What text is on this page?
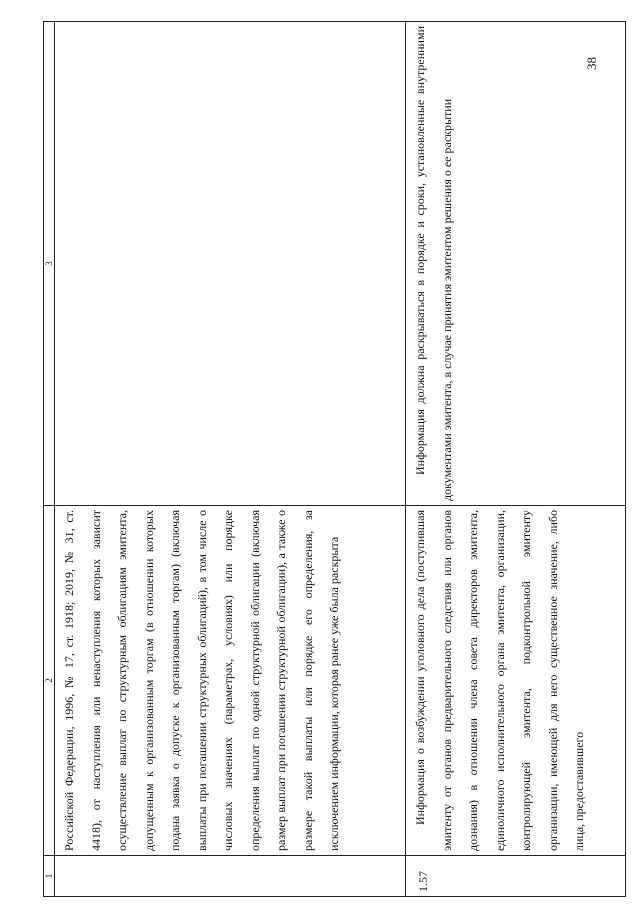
38
1	2	3
	Российской Федерации, 1996, № 17, ст. 1918; 2019, № 31, ст. 4418), от наступления или ненаступления которых зависит осуществление выплат по структурным облигациям эмитента, допущенным к организованным торгам (в отношении которых подана заявка о допуске к организованным торгам) (включая выплаты при погашении структурных облигаций), в том числе о числовых значениях (параметрах, условиях) или порядке определения выплат по одной структурной облигации (включая размер выплат при погашении структурной облигации), а также о размере такой выплаты или порядке его определения, за исключением информации, которая ранее уже была раскрыта	
1.57	Информация о возбуждении уголовного дела (поступившая эмитенту от органов предварительного следствия или органов дознания) в отношении члена совета директоров эмитента, единоличного исполнительного органа эмитента, организации, контролирующей эмитента, подконтрольной эмитенту организации, имеющей для него существенное значение, либо лица, предоставившего	Информация должна раскрываться в порядке и сроки, установленные внутренними документами эмитента, в случае принятия эмитентом решения о ее раскрытии
